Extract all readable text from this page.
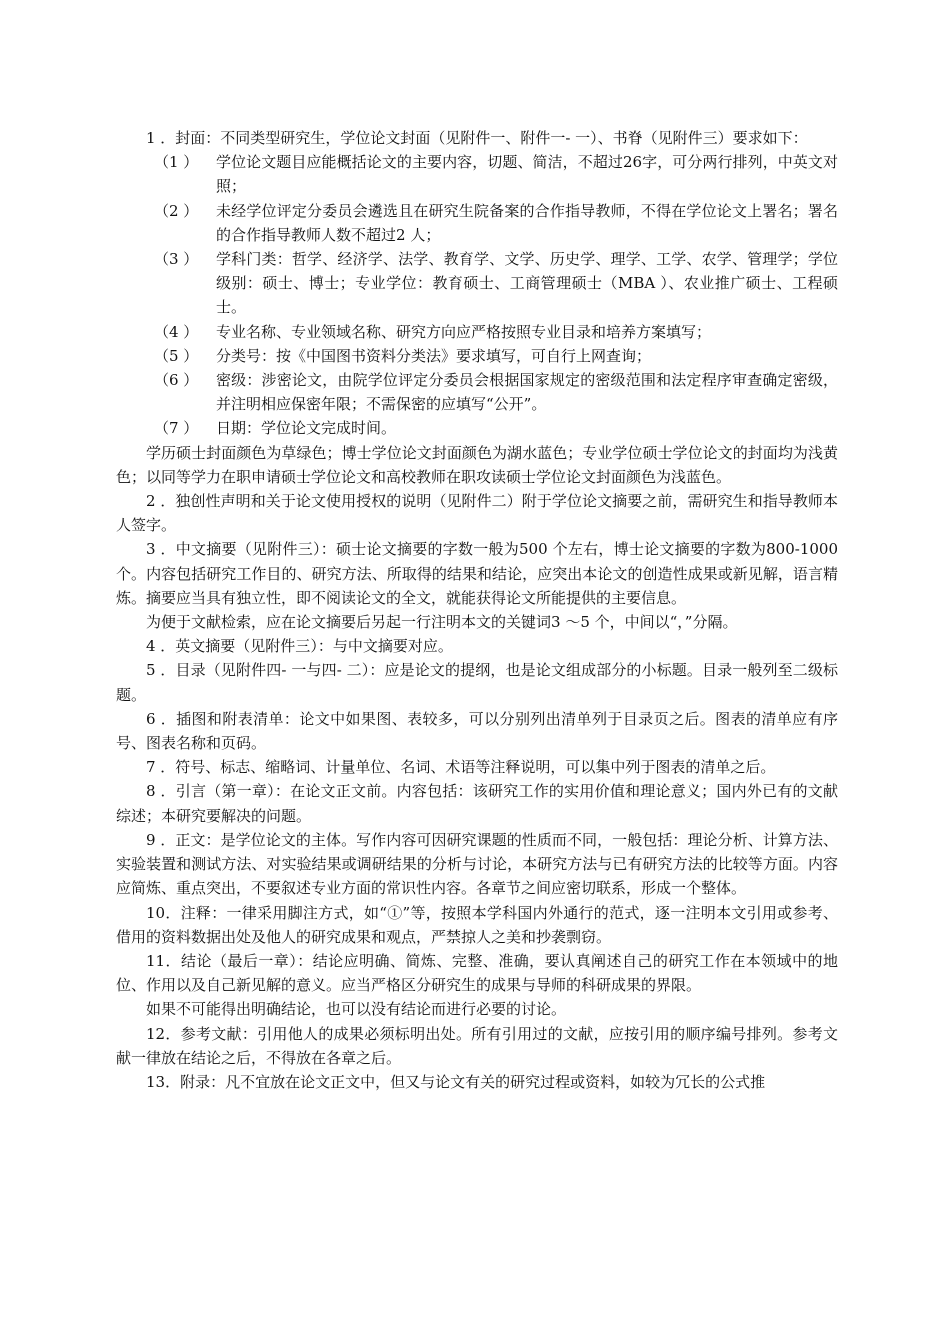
1 ．封面：不同类型研究生，学位论文封面（见附件一、附件一- 一）、书脊（见附件三）要求如下：

（1 ）	学位论文题目应能概括论文的主要内容，切题、简洁，不超过26字，可分两行排列，中英文对照；
（2 ）	未经学位评定分委员会遴选且在研究生院备案的合作指导教师，不得在学位论文上署名；署名的合作指导教师人数不超过2 人；
（3 ）	学科门类：哲学、经济学、法学、教育学、文学、历史学、理学、工学、农学、管理学；学位级别：硕士、博士；专业学位：教育硕士、工商管理硕士（MBA ）、农业推广硕士、工程硕士。
（4 ）	专业名称、专业领域名称、研究方向应严格按照专业目录和培养方案填写；
（5 ）	分类号：按《中国图书资料分类法》要求填写，可自行上网查询；
（6 ）	密级：涉密论文，由院学位评定分委员会根据国家规定的密级范围和法定程序审查确定密级，并注明相应保密年限；不需保密的应填写“公开”。
（7 ）	日期：学位论文完成时间。

学历硕士封面颜色为草绿色；博士学位论文封面颜色为湖水蓝色；专业学位硕士学位论文的封面均为浅黄色；以同等学力在职申请硕士学位论文和高校教师在职攻读硕士学位论文封面颜色为浅蓝色。

2 ．独创性声明和关于论文使用授权的说明（见附件二）附于学位论文摘要之前，需研究生和指导教师本人签字。

3 ．中文摘要（见附件三）：硕士论文摘要的字数一般为500 个左右，博士论文摘要的字数为800-1000个。内容包括研究工作目的、研究方法、所取得的结果和结论，应突出本论文的创造性成果或新见解，语言精炼。摘要应当具有独立性，即不阅读论文的全文，就能获得论文所能提供的主要信息。

为便于文献检索，应在论文摘要后另起一行注明本文的关键词3 ～5 个，中间以“，”分隔。

4 ．英文摘要（见附件三）：与中文摘要对应。

5 ．目录（见附件四- 一与四- 二）：应是论文的提纲，也是论文组成部分的小标题。目录一般列至二级标题。

6 ．插图和附表清单：论文中如果图、表较多，可以分别列出清单列于目录页之后。图表的清单应有序号、图表名称和页码。

7 ．符号、标志、缩略词、计量单位、名词、术语等注释说明，可以集中列于图表的清单之后。

8 ．引言（第一章）：在论文正文前。内容包括：该研究工作的实用价值和理论意义；国内外已有的文献综述；本研究要解决的问题。

9 ．正文：是学位论文的主体。写作内容可因研究课题的性质而不同，一般包括：理论分析、计算方法、实验装置和测试方法、对实验结果或调研结果的分析与讨论，本研究方法与已有研究方法的比较等方面。内容应简炼、重点突出，不要叙述专业方面的常识性内容。各章节之间应密切联系，形成一个整体。

10．注释：一律采用脚注方式，如“①”等，按照本学科国内外通行的范式，逐一注明本文引用或参考、借用的资料数据出处及他人的研究成果和观点，严禁掠人之美和抄袭剽窃。

11．结论（最后一章）：结论应明确、简炼、完整、准确，要认真阐述自己的研究工作在本领域中的地位、作用以及自己新见解的意义。应当严格区分研究生的成果与导师的科研成果的界限。

如果不可能得出明确结论，也可以没有结论而进行必要的讨论。

12．参考文献：引用他人的成果必须标明出处。所有引用过的文献，应按引用的顺序编号排列。参考文献一律放在结论之后，不得放在各章之后。

13．附录：凡不宜放在论文正文中，但又与论文有关的研究过程或资料，如较为冗长的公式推
